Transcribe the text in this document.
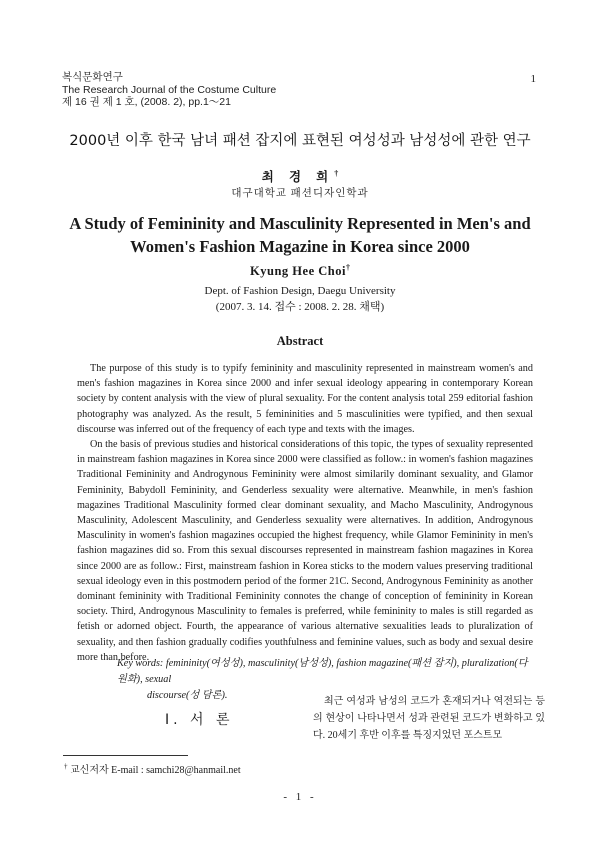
복식문화연구
The Research Journal of the Costume Culture
제 16 권 제 1 호, (2008. 2), pp.1～21
1
2000년 이후 한국 남녀 패션 잡지에 표현된 여성성과 남성성에 관한 연구
최 경 희†
대구대학교 패션디자인학과
A Study of Femininity and Masculinity Represented in Men's and
Women's Fashion Magazine in Korea since 2000
Kyung Hee Choi†
Dept. of Fashion Design, Daegu University
(2007. 3. 14. 접수 : 2008. 2. 28. 채택)
Abstract

The purpose of this study is to typify femininity and masculinity represented in mainstream women's and men's fashion magazines in Korea since 2000 and infer sexual ideology appearing in contemporary Korean society by content analysis with the view of plural sexuality. For the content analysis total 259 editorial fashion photography was analyzed. As the result, 5 femininities and 5 masculinities were typified, and then sexual discourse was inferred out of the frequency of each type and texts with the images.

On the basis of previous studies and historical considerations of this topic, the types of sexuality represented in mainstream fashion magazines in Korea since 2000 were classified as follow.: in women's fashion magazines Traditional Femininity and Androgynous Femininity were almost similarily dominant sexuality, and Glamor Femininity, Babydoll Femininity, and Genderless sexuality were alternative. Meanwhile, in men's fashion magazines Traditional Masculinity formed clear dominant sexuality, and Macho Masculinity, Androgynous Masculinity, Adolescent Masculinity, and Genderless sexuality were alternatives. In addition, Androgynous Masculinity in women's fashion magazines occupied the highest frequency, while Glamor Femininity in men's fashion magazines did so. From this sexual discourses represented in mainstream fashion magazines in Korea since 2000 are as follow.: First, mainstream fashion in Korea sticks to the modern values preserving traditional sexual ideology even in this postmodern period of the former 21C. Second, Androgynous Femininity as another dominant femininity with Traditional Femininity connotes the change of conception of femininity in Korean society. Third, Androgynous Masculinity to females is preferred, while femininity to males is still regarded as fetish or adorned object. Fourth, the appearance of various alternative sexualities leads to pluralization of sexuality, and then fashion gradually codifies youthfulness and feminine values, such as body and sexual desire more than before.

Key words: femininity(여성성), masculinity(남성성), fashion magazine(패션 잡지), pluralization(다원화), sexual
discourse(성 담론).
I. 서 론

최근 여성과 남성의 코드가 혼재되거나 역전되는 등의 현상이 나타나면서 성과 관련된 코드가 변화하고 있다. 20세기 후반 이후를 특징지었던 포스트모

† 교신저자 E-mail : samchi28@hanmail.net
- 1 -
